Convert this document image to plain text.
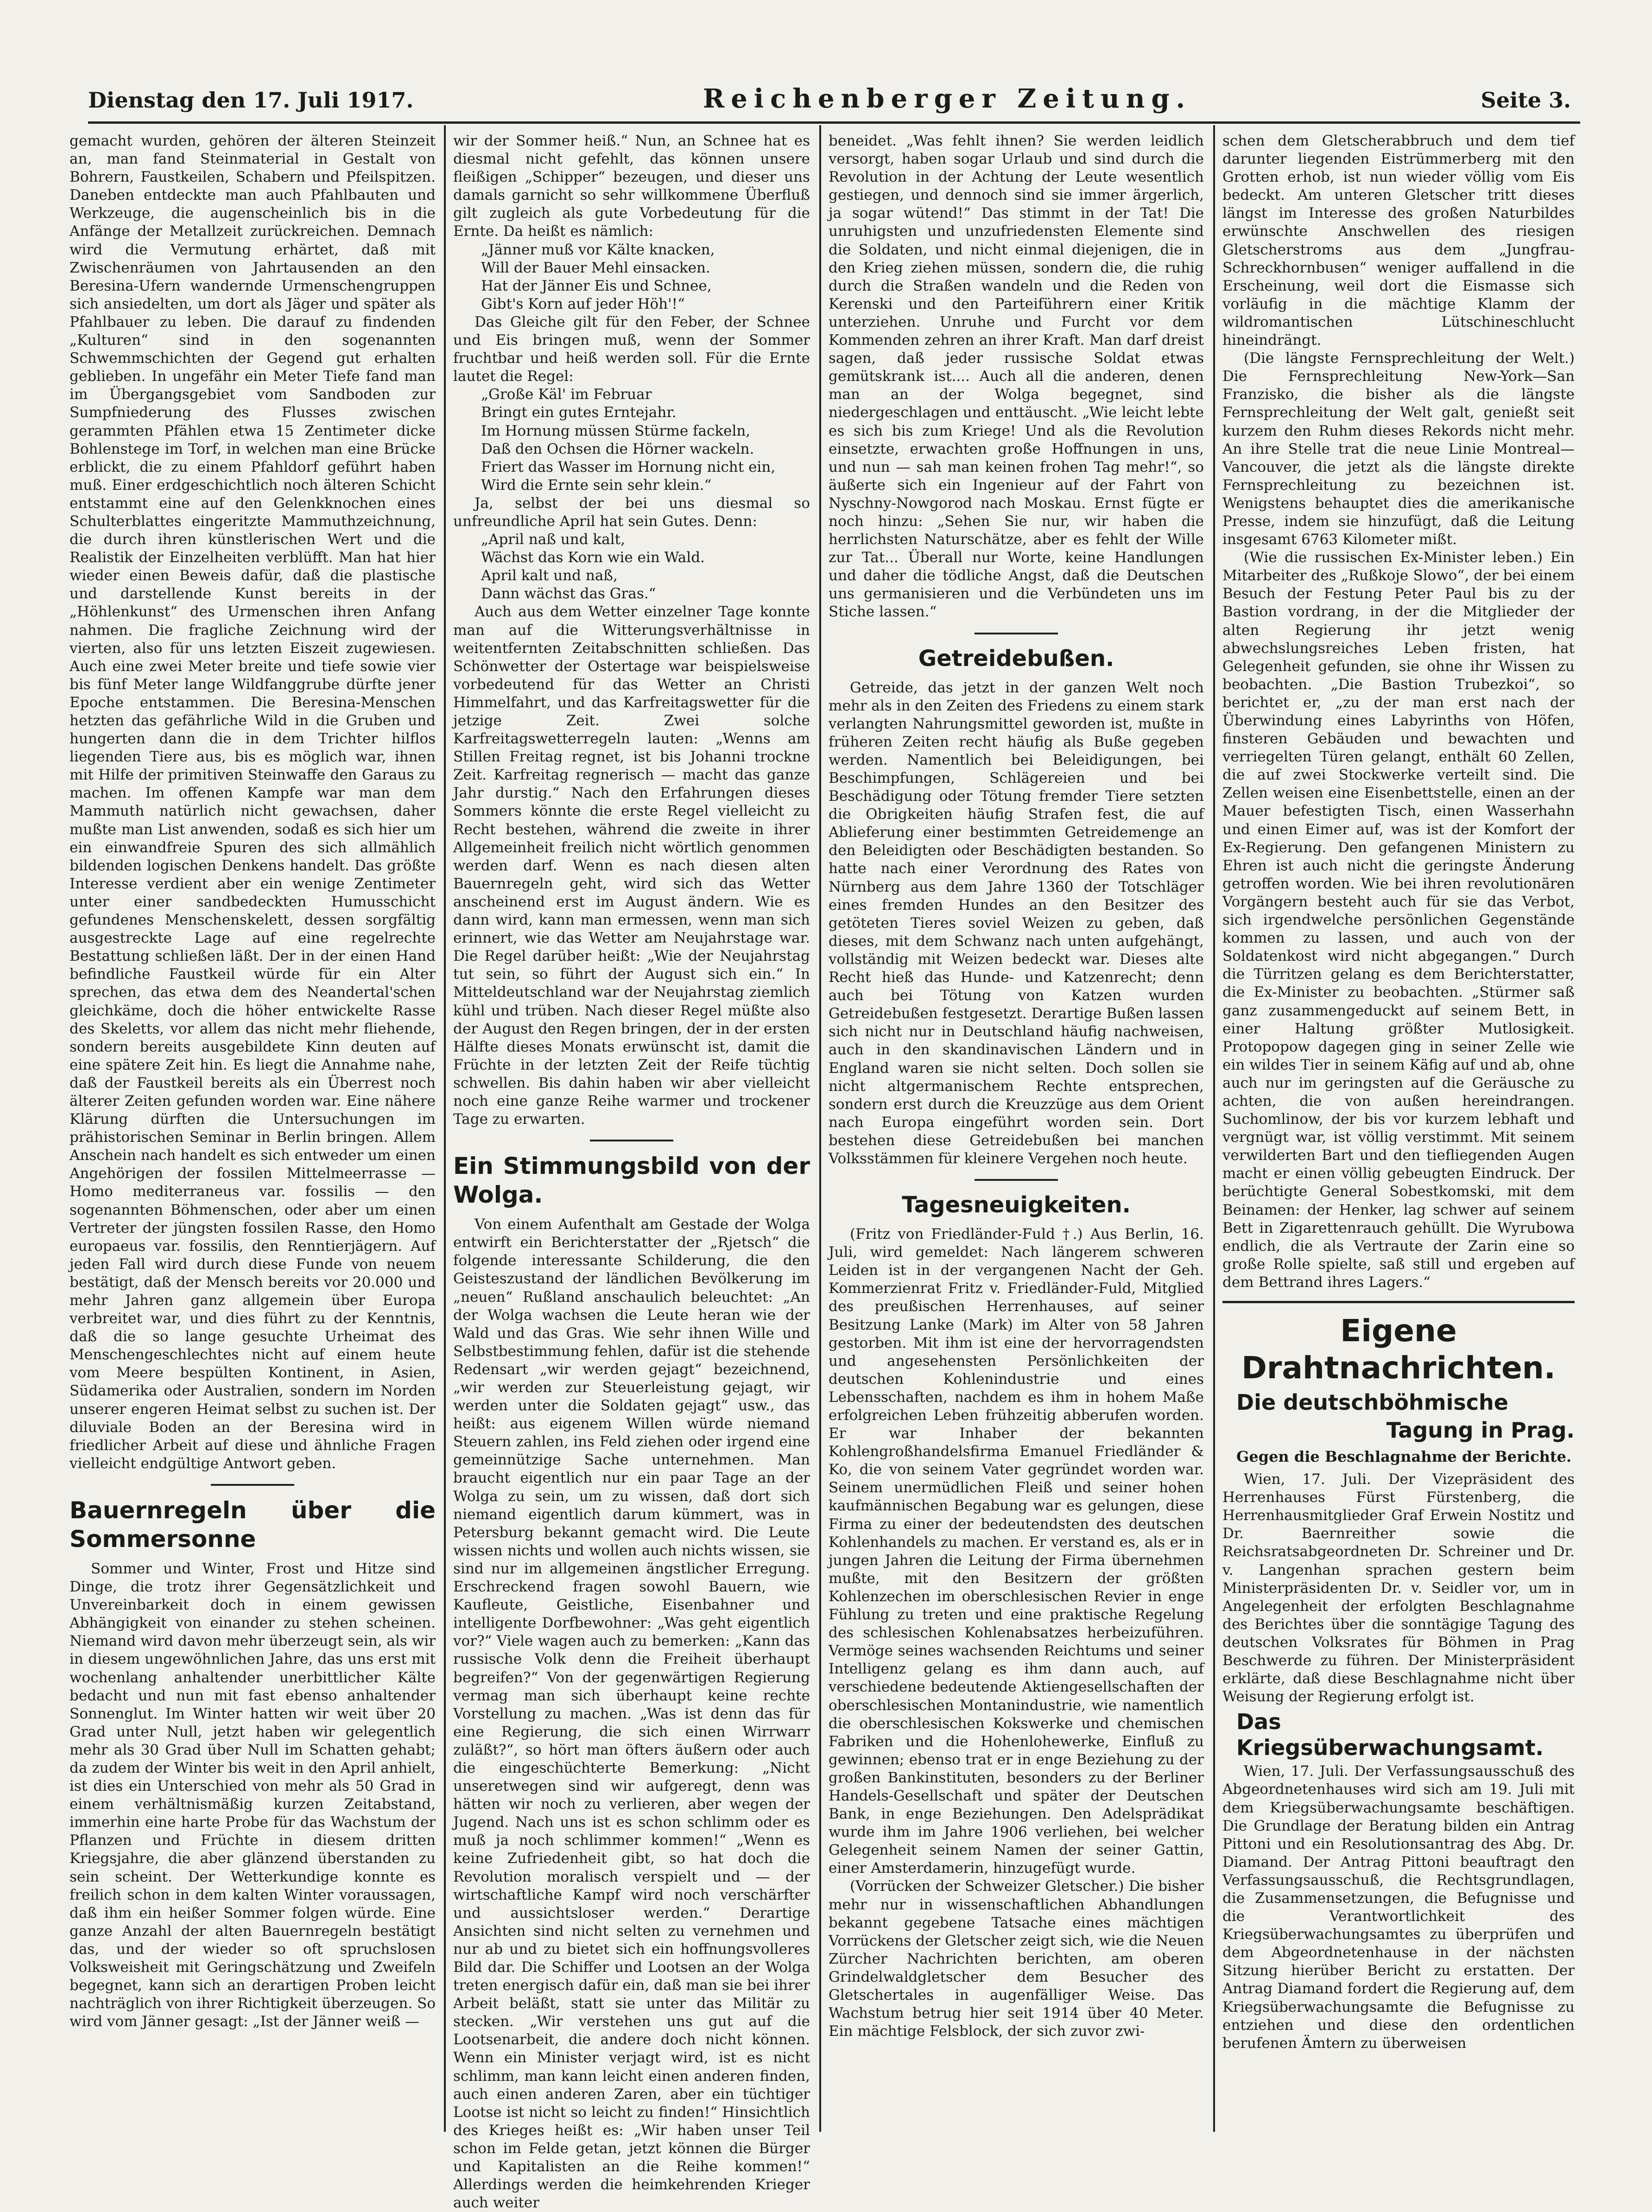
Dienstag den 17. Juli 1917.	Reichenberger Zeitung.	Seite 3.

gemacht wurden, gehören der älteren Steinzeit an, man fand Steinmaterial in Gestalt von Bohrern, Faustkeilen, Schabern und Pfeilspitzen. Daneben entdeckte man auch Pfahlbauten und Werkzeuge, die augenscheinlich bis in die Anfänge der Metallzeit zurückreichen. Demnach wird die Vermutung erhärtet, daß mit Zwischenräumen von Jahrtausenden an den Beresina-Ufern wandernde Urmenschengruppen sich ansiedelten, um dort als Jäger und später als Pfahlbauer zu leben. Die darauf zu findenden „Kulturen“ sind in den sogenannten Schwemmschichten der Gegend gut erhalten geblieben. In ungefähr ein Meter Tiefe fand man im Übergangsgebiet vom Sandboden zur Sumpfniederung des Flusses zwischen gerammten Pfählen etwa 15 Zentimeter dicke Bohlenstege im Torf, in welchen man eine Brücke erblickt, die zu einem Pfahldorf geführt haben muß. Einer erdgeschichtlich noch älteren Schicht entstammt eine auf den Gelenkknochen eines Schulterblattes eingeritzte Mammuthzeichnung, die durch ihren künstlerischen Wert und die Realistik der Einzelheiten verblüfft. Man hat hier wieder einen Beweis dafür, daß die plastische und darstellende Kunst bereits in der „Höhlenkunst“ des Urmenschen ihren Anfang nahmen. Die fragliche Zeichnung wird der vierten, also für uns letzten Eiszeit zugewiesen. Auch eine zwei Meter breite und tiefe sowie vier bis fünf Meter lange Wildfanggrube dürfte jener Epoche entstammen. Die Beresina-Menschen hetzten das gefährliche Wild in die Gruben und hungerten dann die in dem Trichter hilflos liegenden Tiere aus, bis es möglich war, ihnen mit Hilfe der primitiven Steinwaffe den Garaus zu machen. Im offenen Kampfe war man dem Mammuth natürlich nicht gewachsen, daher mußte man List anwenden, sodaß es sich hier um ein einwandfreie Spuren des sich allmählich bildenden logischen Denkens handelt. Das größte Interesse verdient aber ein wenige Zentimeter unter einer sandbedeckten Humusschicht gefundenes Menschenskelett, dessen sorgfältig ausgestreckte Lage auf eine regelrechte Bestattung schließen läßt. Der in der einen Hand befindliche Faustkeil würde für ein Alter sprechen, das etwa dem des Neandertal'schen gleichkäme, doch die höher entwickelte Rasse des Skeletts, vor allem das nicht mehr fliehende, sondern bereits ausgebildete Kinn deuten auf eine spätere Zeit hin. Es liegt die Annahme nahe, daß der Faustkeil bereits als ein Überrest noch älterer Zeiten gefunden worden war. Eine nähere Klärung dürften die Untersuchungen im prähistorischen Seminar in Berlin bringen. Allem Anschein nach handelt es sich entweder um einen Angehörigen der fossilen Mittelmeerrasse — Homo mediterraneus var. fossilis — den sogenannten Böhmenschen, oder aber um einen Vertreter der jüngsten fossilen Rasse, den Homo europaeus var. fossilis, den Renntierjägern. Auf jeden Fall wird durch diese Funde von neuem bestätigt, daß der Mensch bereits vor 20.000 und mehr Jahren ganz allgemein über Europa verbreitet war, und dies führt zu der Kenntnis, daß die so lange gesuchte Urheimat des Menschengeschlechtes nicht auf einem heute vom Meere bespülten Kontinent, in Asien, Südamerika oder Australien, sondern im Norden unserer engeren Heimat selbst zu suchen ist. Der diluviale Boden an der Beresina wird in friedlicher Arbeit auf diese und ähnliche Fragen vielleicht endgültige Antwort geben.

Bauernregeln über die Sommersonne

Sommer und Winter, Frost und Hitze sind Dinge, die trotz ihrer Gegensätzlichkeit und Unvereinbarkeit doch in einem gewissen Abhängigkeit von einander zu stehen scheinen. Niemand wird davon mehr überzeugt sein, als wir in diesem ungewöhnlichen Jahre, das uns erst mit wochenlang anhaltender unerbittlicher Kälte bedacht und nun mit fast ebenso anhaltender Sonnenglut. Im Winter hatten wir weit über 20 Grad unter Null, jetzt haben wir gelegentlich mehr als 30 Grad über Null im Schatten gehabt; da zudem der Winter bis weit in den April anhielt, ist dies ein Unterschied von mehr als 50 Grad in einem verhältnismäßig kurzen Zeitabstand, immerhin eine harte Probe für das Wachstum der Pflanzen und Früchte in diesem dritten Kriegsjahre, die aber glänzend überstanden zu sein scheint. Der Wetterkundige konnte es freilich schon in dem kalten Winter voraussagen, daß ihm ein heißer Sommer folgen würde. Eine ganze Anzahl der alten Bauernregeln bestätigt das, und der wieder so oft spruchslosen Volksweisheit mit Geringschätzung und Zweifeln begegnet, kann sich an derartigen Proben leicht nachträglich von ihrer Richtigkeit überzeugen. So wird vom Jänner gesagt: „Ist der Jänner weiß —

wir der Sommer heiß.“ Nun, an Schnee hat es diesmal nicht gefehlt, das können unsere fleißigen „Schipper“ bezeugen, und dieser uns damals garnicht so sehr willkommene Überfluß gilt zugleich als gute Vorbedeutung für die Ernte. Da heißt es nämlich:

„Jänner muß vor Kälte knacken,

Will der Bauer Mehl einsacken.

Hat der Jänner Eis und Schnee,

Gibt's Korn auf jeder Höh'!“

Das Gleiche gilt für den Feber, der Schnee und Eis bringen muß, wenn der Sommer fruchtbar und heiß werden soll. Für die Ernte lautet die Regel:

„Große Käl' im Februar

Bringt ein gutes Erntejahr.

Im Hornung müssen Stürme fackeln,

Daß den Ochsen die Hörner wackeln.

Friert das Wasser im Hornung nicht ein,

Wird die Ernte sein sehr klein.“

Ja, selbst der bei uns diesmal so unfreundliche April hat sein Gutes. Denn:

„April naß und kalt,

Wächst das Korn wie ein Wald.

April kalt und naß,

Dann wächst das Gras.“

Auch aus dem Wetter einzelner Tage konnte man auf die Witterungsverhältnisse in weitentfernten Zeitabschnitten schließen. Das Schönwetter der Ostertage war beispielsweise vorbedeutend für das Wetter an Christi Himmelfahrt, und das Karfreitagswetter für die jetzige Zeit. Zwei solche Karfreitagswetterregeln lauten: „Wenns am Stillen Freitag regnet, ist bis Johanni trockne Zeit. Karfreitag regnerisch — macht das ganze Jahr durstig.“ Nach den Erfahrungen dieses Sommers könnte die erste Regel vielleicht zu Recht bestehen, während die zweite in ihrer Allgemeinheit freilich nicht wörtlich genommen werden darf. Wenn es nach diesen alten Bauernregeln geht, wird sich das Wetter anscheinend erst im August ändern. Wie es dann wird, kann man ermessen, wenn man sich erinnert, wie das Wetter am Neujahrstage war. Die Regel darüber heißt: „Wie der Neujahrstag tut sein, so führt der August sich ein.“ In Mitteldeutschland war der Neujahrstag ziemlich kühl und trüben. Nach dieser Regel müßte also der August den Regen bringen, der in der ersten Hälfte dieses Monats erwünscht ist, damit die Früchte in der letzten Zeit der Reife tüchtig schwellen. Bis dahin haben wir aber vielleicht noch eine ganze Reihe warmer und trockener Tage zu erwarten.

Ein Stimmungsbild von der Wolga.

Von einem Aufenthalt am Gestade der Wolga entwirft ein Berichterstatter der „Rjetsch“ die folgende interessante Schilderung, die den Geisteszustand der ländlichen Bevölkerung im „neuen“ Rußland anschaulich beleuchtet: „An der Wolga wachsen die Leute heran wie der Wald und das Gras. Wie sehr ihnen Wille und Selbstbestimmung fehlen, dafür ist die stehende Redensart „wir werden gejagt“ bezeichnend, „wir werden zur Steuerleistung gejagt, wir werden unter die Soldaten gejagt“ usw., das heißt: aus eigenem Willen würde niemand Steuern zahlen, ins Feld ziehen oder irgend eine gemeinnützige Sache unternehmen. Man braucht eigentlich nur ein paar Tage an der Wolga zu sein, um zu wissen, daß dort sich niemand eigentlich darum kümmert, was in Petersburg bekannt gemacht wird. Die Leute wissen nichts und wollen auch nichts wissen, sie sind nur im allgemeinen ängstlicher Erregung. Erschreckend fragen sowohl Bauern, wie Kaufleute, Geistliche, Eisenbahner und intelligente Dorfbewohner: „Was geht eigentlich vor?“ Viele wagen auch zu bemerken: „Kann das russische Volk denn die Freiheit überhaupt begreifen?“ Von der gegenwärtigen Regierung vermag man sich überhaupt keine rechte Vorstellung zu machen. „Was ist denn das für eine Regierung, die sich einen Wirrwarr zuläßt?“, so hört man öfters äußern oder auch die eingeschüchterte Bemerkung: „Nicht unseretwegen sind wir aufgeregt, denn was hätten wir noch zu verlieren, aber wegen der Jugend. Nach uns ist es schon schlimm oder es muß ja noch schlimmer kommen!“ „Wenn es keine Zufriedenheit gibt, so hat doch die Revolution moralisch verspielt und — der wirtschaftliche Kampf wird noch verschärfter und aussichtsloser werden.“ Derartige Ansichten sind nicht selten zu vernehmen und nur ab und zu bietet sich ein hoffnungsvolleres Bild dar. Die Schiffer und Lootsen an der Wolga treten energisch dafür ein, daß man sie bei ihrer Arbeit beläßt, statt sie unter das Militär zu stecken. „Wir verstehen uns gut auf die Lootsenarbeit, die andere doch nicht können. Wenn ein Minister verjagt wird, ist es nicht schlimm, man kann leicht einen anderen finden, auch einen anderen Zaren, aber ein tüchtiger Lootse ist nicht so leicht zu finden!“ Hinsichtlich des Krieges heißt es: „Wir haben unser Teil schon im Felde getan, jetzt können die Bürger und Kapitalisten an die Reihe kommen!“ Allerdings werden die heimkehrenden Krieger auch weiter

beneidet. „Was fehlt ihnen? Sie werden leidlich versorgt, haben sogar Urlaub und sind durch die Revolution in der Achtung der Leute wesentlich gestiegen, und dennoch sind sie immer ärgerlich, ja sogar wütend!“ Das stimmt in der Tat! Die unruhigsten und unzufriedensten Elemente sind die Soldaten, und nicht einmal diejenigen, die in den Krieg ziehen müssen, sondern die, die ruhig durch die Straßen wandeln und die Reden von Kerenski und den Parteiführern einer Kritik unterziehen. Unruhe und Furcht vor dem Kommenden zehren an ihrer Kraft. Man darf dreist sagen, daß jeder russische Soldat etwas gemütskrank ist.... Auch all die anderen, denen man an der Wolga begegnet, sind niedergeschlagen und enttäuscht. „Wie leicht lebte es sich bis zum Kriege! Und als die Revolution einsetzte, erwachten große Hoffnungen in uns, und nun — sah man keinen frohen Tag mehr!“, so äußerte sich ein Ingenieur auf der Fahrt von Nyschny-Nowgorod nach Moskau. Ernst fügte er noch hinzu: „Sehen Sie nur, wir haben die herrlichsten Naturschätze, aber es fehlt der Wille zur Tat... Überall nur Worte, keine Handlungen und daher die tödliche Angst, daß die Deutschen uns germanisieren und die Verbündeten uns im Stiche lassen.“

Getreidebußen.

Getreide, das jetzt in der ganzen Welt noch mehr als in den Zeiten des Friedens zu einem stark verlangten Nahrungsmittel geworden ist, mußte in früheren Zeiten recht häufig als Buße gegeben werden. Namentlich bei Beleidigungen, bei Beschimpfungen, Schlägereien und bei Beschädigung oder Tötung fremder Tiere setzten die Obrigkeiten häufig Strafen fest, die auf Ablieferung einer bestimmten Getreidemenge an den Beleidigten oder Beschädigten bestanden. So hatte nach einer Verordnung des Rates von Nürnberg aus dem Jahre 1360 der Totschläger eines fremden Hundes an den Besitzer des getöteten Tieres soviel Weizen zu geben, daß dieses, mit dem Schwanz nach unten aufgehängt, vollständig mit Weizen bedeckt war. Dieses alte Recht hieß das Hunde- und Katzenrecht; denn auch bei Tötung von Katzen wurden Getreidebußen festgesetzt. Derartige Bußen lassen sich nicht nur in Deutschland häufig nachweisen, auch in den skandinavischen Ländern und in England waren sie nicht selten. Doch sollen sie nicht altgermanischem Rechte entsprechen, sondern erst durch die Kreuzzüge aus dem Orient nach Europa eingeführt worden sein. Dort bestehen diese Getreidebußen bei manchen Volksstämmen für kleinere Vergehen noch heute.

Tagesneuigkeiten.

(Fritz von Friedländer-Fuld †.) Aus Berlin, 16. Juli, wird gemeldet: Nach längerem schweren Leiden ist in der vergangenen Nacht der Geh. Kommerzienrat Fritz v. Friedländer-Fuld, Mitglied des preußischen Herrenhauses, auf seiner Besitzung Lanke (Mark) im Alter von 58 Jahren gestorben. Mit ihm ist eine der hervorragendsten und angesehensten Persönlichkeiten der deutschen Kohlenindustrie und eines Lebensschaften, nachdem es ihm in hohem Maße erfolgreichen Leben frühzeitig abberufen worden. Er war Inhaber der bekannten Kohlengroßhandelsfirma Emanuel Friedländer & Ko, die von seinem Vater gegründet worden war. Seinem unermüdlichen Fleiß und seiner hohen kaufmännischen Begabung war es gelungen, diese Firma zu einer der bedeutendsten des deutschen Kohlenhandels zu machen. Er verstand es, als er in jungen Jahren die Leitung der Firma übernehmen mußte, mit den Besitzern der größten Kohlenzechen im oberschlesischen Revier in enge Fühlung zu treten und eine praktische Regelung des schlesischen Kohlenabsatzes herbeizuführen. Vermöge seines wachsenden Reichtums und seiner Intelligenz gelang es ihm dann auch, auf verschiedene bedeutende Aktiengesellschaften der oberschlesischen Montanindustrie, wie namentlich die oberschlesischen Kokswerke und chemischen Fabriken und die Hohenlohewerke, Einfluß zu gewinnen; ebenso trat er in enge Beziehung zu der großen Bankinstituten, besonders zu der Berliner Handels-Gesellschaft und später der Deutschen Bank, in enge Beziehungen. Den Adelsprädikat wurde ihm im Jahre 1906 verliehen, bei welcher Gelegenheit seinem Namen der seiner Gattin, einer Amsterdamerin, hinzugefügt wurde.

(Vorrücken der Schweizer Gletscher.) Die bisher mehr nur in wissenschaftlichen Abhandlungen bekannt gegebene Tatsache eines mächtigen Vorrückens der Gletscher zeigt sich, wie die Neuen Zürcher Nachrichten berichten, am oberen Grindelwaldgletscher dem Besucher des Gletschertales in augenfälliger Weise. Das Wachstum betrug hier seit 1914 über 40 Meter. Ein mächtige Felsblock, der sich zuvor zwi-

schen dem Gletscherabbruch und dem tief darunter liegenden Eistrümmerberg mit den Grotten erhob, ist nun wieder völlig vom Eis bedeckt. Am unteren Gletscher tritt dieses längst im Interesse des großen Naturbildes erwünschte Anschwellen des riesigen Gletscherstroms aus dem „Jungfrau-Schreckhornbusen“ weniger auffallend in die Erscheinung, weil dort die Eismasse sich vorläufig in die mächtige Klamm der wildromantischen Lütschineschlucht hineindrängt.

(Die längste Fernsprechleitung der Welt.) Die Fernsprechleitung New-York—San Franzisko, die bisher als die längste Fernsprechleitung der Welt galt, genießt seit kurzem den Ruhm dieses Rekords nicht mehr. An ihre Stelle trat die neue Linie Montreal—Vancouver, die jetzt als die längste direkte Fernsprechleitung zu bezeichnen ist. Wenigstens behauptet dies die amerikanische Presse, indem sie hinzufügt, daß die Leitung insgesamt 6763 Kilometer mißt.

(Wie die russischen Ex-Minister leben.) Ein Mitarbeiter des „Rußkoje Slowo“, der bei einem Besuch der Festung Peter Paul bis zu der Bastion vordrang, in der die Mitglieder der alten Regierung ihr jetzt wenig abwechslungsreiches Leben fristen, hat Gelegenheit gefunden, sie ohne ihr Wissen zu beobachten. „Die Bastion Trubezkoi“, so berichtet er, „zu der man erst nach der Überwindung eines Labyrinths von Höfen, finsteren Gebäuden und bewachten und verriegelten Türen gelangt, enthält 60 Zellen, die auf zwei Stockwerke verteilt sind. Die Zellen weisen eine Eisenbettstelle, einen an der Mauer befestigten Tisch, einen Wasserhahn und einen Eimer auf, was ist der Komfort der Ex-Regierung. Den gefangenen Ministern zu Ehren ist auch nicht die geringste Änderung getroffen worden. Wie bei ihren revolutionären Vorgängern besteht auch für sie das Verbot, sich irgendwelche persönlichen Gegenstände kommen zu lassen, und auch von der Soldatenkost wird nicht abgegangen.“ Durch die Türritzen gelang es dem Berichterstatter, die Ex-Minister zu beobachten. „Stürmer saß ganz zusammengeduckt auf seinem Bett, in einer Haltung größter Mutlosigkeit. Protopopow dagegen ging in seiner Zelle wie ein wildes Tier in seinem Käfig auf und ab, ohne auch nur im geringsten auf die Geräusche zu achten, die von außen hereindrangen. Suchomlinow, der bis vor kurzem lebhaft und vergnügt war, ist völlig verstimmt. Mit seinem verwilderten Bart und den tiefliegenden Augen macht er einen völlig gebeugten Eindruck. Der berüchtigte General Sobestkomski, mit dem Beinamen: der Henker, lag schwer auf seinem Bett in Zigarettenrauch gehüllt. Die Wyrubowa endlich, die als Vertraute der Zarin eine so große Rolle spielte, saß still und ergeben auf dem Bettrand ihres Lagers.“

Eigene Drahtnachrichten.
Die deutschböhmische
Tagung in Prag.
Gegen die Beschlagnahme der Berichte.

Wien, 17. Juli. Der Vizepräsident des Herrenhauses Fürst Fürstenberg, die Herrenhausmitglieder Graf Erwein Nostitz und Dr. Baernreither sowie die Reichsratsabgeordneten Dr. Schreiner und Dr. v. Langenhan sprachen gestern beim Ministerpräsidenten Dr. v. Seidler vor, um in Angelegenheit der erfolgten Beschlagnahme des Berichtes über die sonntägige Tagung des deutschen Volksrates für Böhmen in Prag Beschwerde zu führen. Der Ministerpräsident erklärte, daß diese Beschlagnahme nicht über Weisung der Regierung erfolgt ist.

Das Kriegsüberwachungsamt.

Wien, 17. Juli. Der Verfassungsausschuß des Abgeordnetenhauses wird sich am 19. Juli mit dem Kriegsüberwachungsamte beschäftigen. Die Grundlage der Beratung bilden ein Antrag Pittoni und ein Resolutionsantrag des Abg. Dr. Diamand. Der Antrag Pittoni beauftragt den Verfassungsausschuß, die Rechtsgrundlagen, die Zusammensetzungen, die Befugnisse und die Verantwortlichkeit des Kriegsüberwachungsamtes zu überprüfen und dem Abgeordnetenhause in der nächsten Sitzung hierüber Bericht zu erstatten. Der Antrag Diamand fordert die Regierung auf, dem Kriegsüberwachungsamte die Befugnisse zu entziehen und diese den ordentlichen berufenen Ämtern zu überweisen
